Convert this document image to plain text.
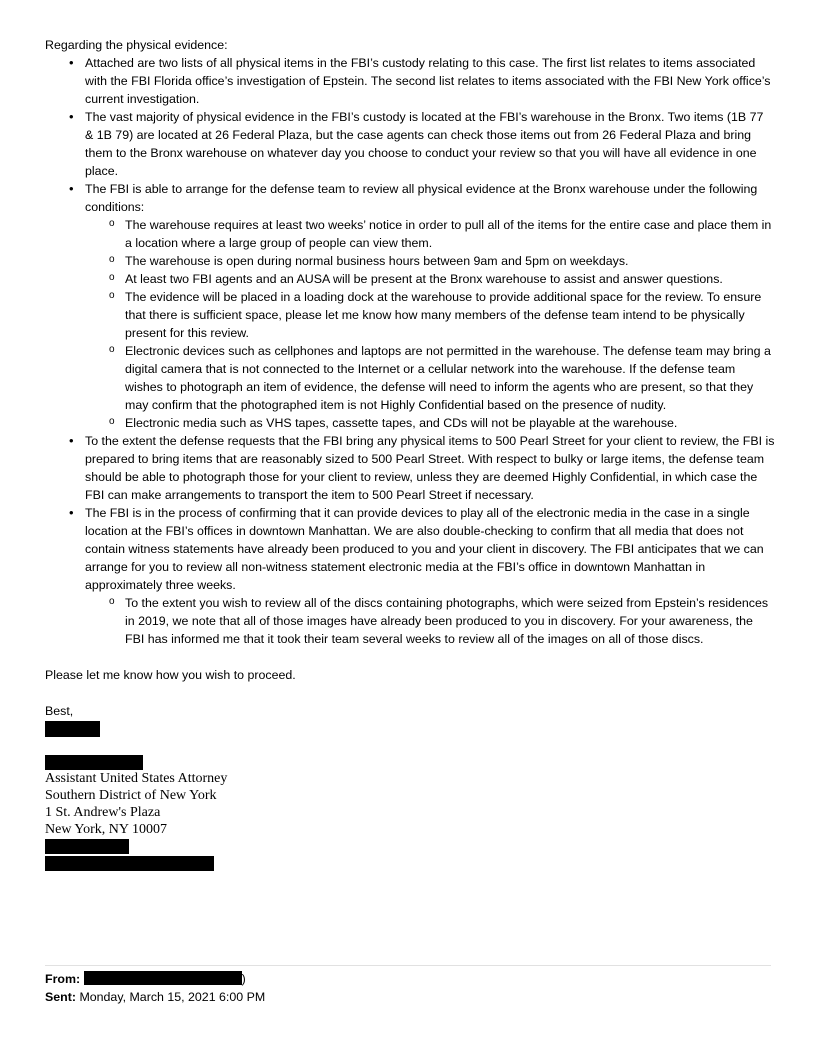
Regarding the physical evidence:

• Attached are two lists of all physical items in the FBI’s custody relating to this case. The first list relates to items associated with the FBI Florida office’s investigation of Epstein. The second list relates to items associated with the FBI New York office’s current investigation.
• The vast majority of physical evidence in the FBI’s custody is located at the FBI’s warehouse in the Bronx. Two items (1B 77 & 1B 79) are located at 26 Federal Plaza, but the case agents can check those items out from 26 Federal Plaza and bring them to the Bronx warehouse on whatever day you choose to conduct your review so that you will have all evidence in one place.
• The FBI is able to arrange for the defense team to review all physical evidence at the Bronx warehouse under the following conditions:
o The warehouse requires at least two weeks’ notice in order to pull all of the items for the entire case and place them in a location where a large group of people can view them.
o The warehouse is open during normal business hours between 9am and 5pm on weekdays.
o At least two FBI agents and an AUSA will be present at the Bronx warehouse to assist and answer questions.
o The evidence will be placed in a loading dock at the warehouse to provide additional space for the review. To ensure that there is sufficient space, please let me know how many members of the defense team intend to be physically present for this review.
o Electronic devices such as cellphones and laptops are not permitted in the warehouse. The defense team may bring a digital camera that is not connected to the Internet or a cellular network into the warehouse. If the defense team wishes to photograph an item of evidence, the defense will need to inform the agents who are present, so that they may confirm that the photographed item is not Highly Confidential based on the presence of nudity.
o Electronic media such as VHS tapes, cassette tapes, and CDs will not be playable at the warehouse.
• To the extent the defense requests that the FBI bring any physical items to 500 Pearl Street for your client to review, the FBI is prepared to bring items that are reasonably sized to 500 Pearl Street. With respect to bulky or large items, the defense team should be able to photograph those for your client to review, unless they are deemed Highly Confidential, in which case the FBI can make arrangements to transport the item to 500 Pearl Street if necessary.
• The FBI is in the process of confirming that it can provide devices to play all of the electronic media in the case in a single location at the FBI’s offices in downtown Manhattan. We are also double-checking to confirm that all media that does not contain witness statements have already been produced to you and your client in discovery. The FBI anticipates that we can arrange for you to review all non-witness statement electronic media at the FBI’s office in downtown Manhattan in approximately three weeks.
o To the extent you wish to review all of the discs containing photographs, which were seized from Epstein’s residences in 2019, we note that all of those images have already been produced to you in discovery. For your awareness, the FBI has informed me that it took their team several weeks to review all of the images on all of those discs.

Please let me know how you wish to proceed.

Best,

Assistant United States Attorney
Southern District of New York
1 St. Andrew's Plaza
New York, NY 10007
From:	)
Sent: Monday, March 15, 2021 6:00 PM
